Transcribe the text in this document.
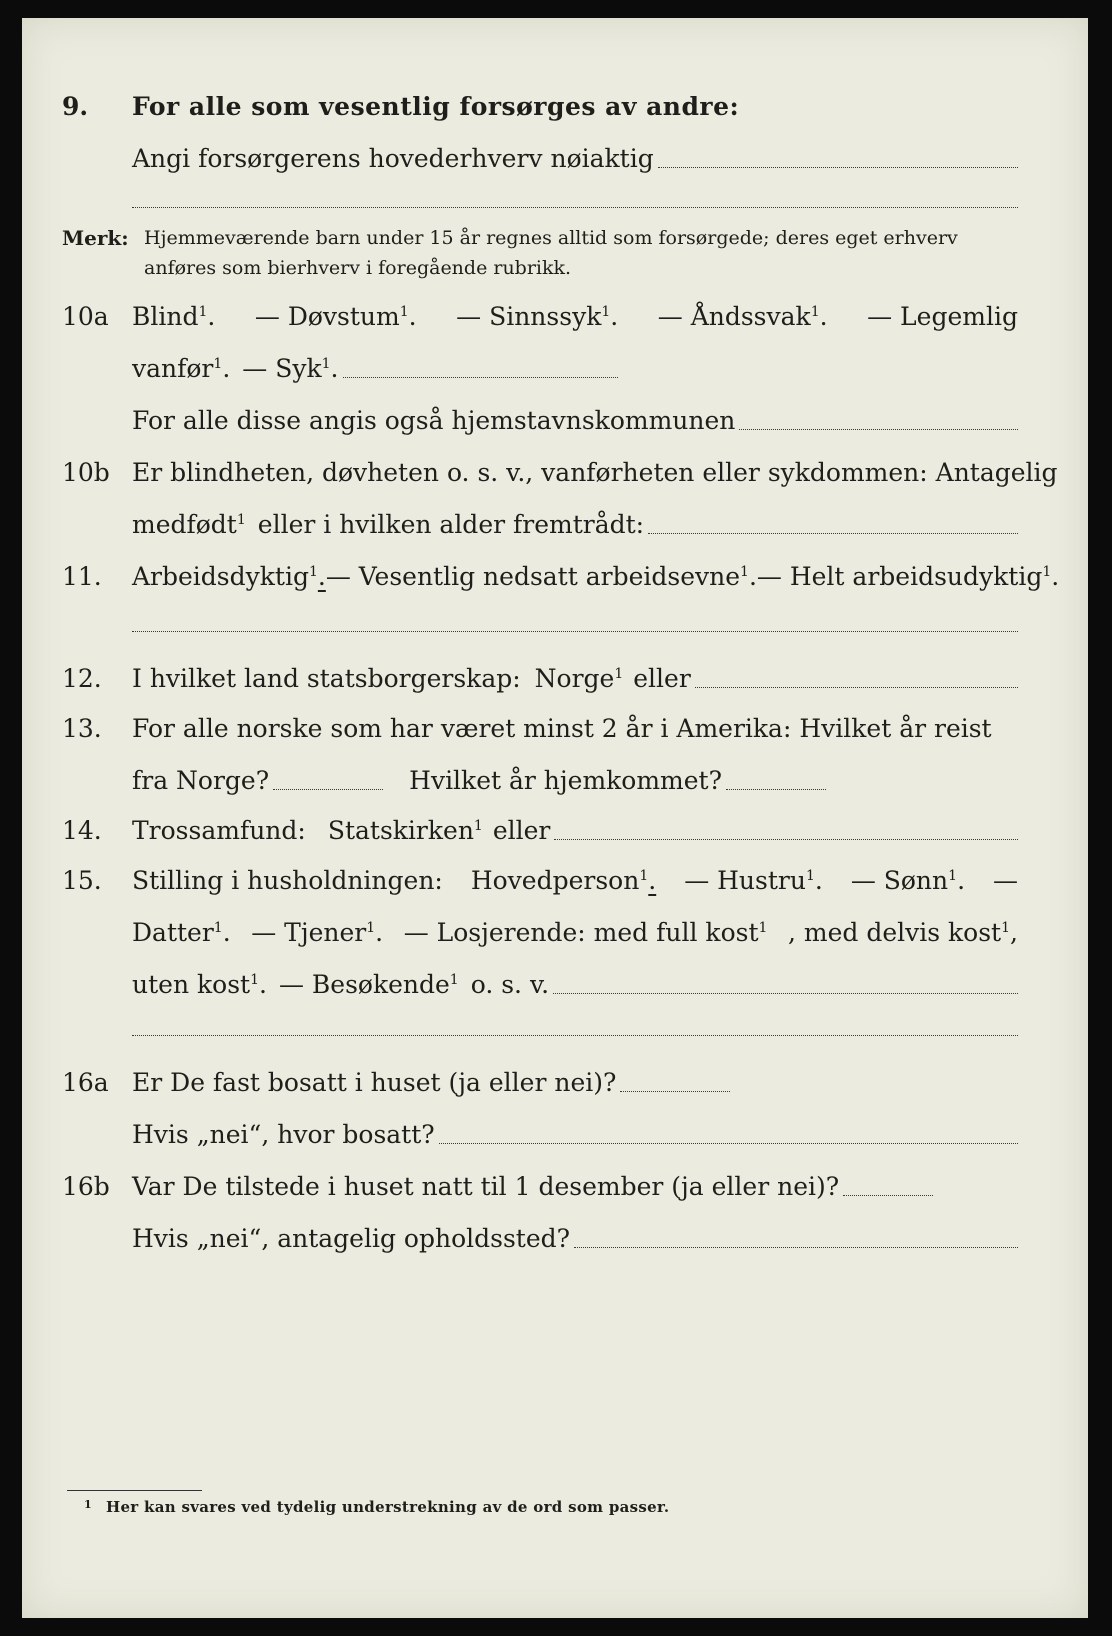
9.	For alle som vesentlig forsørges av andre:
Angi forsørgerens hovederhverv nøiaktig
Merk: Hjemmeværende barn under 15 år regnes alltid som forsørgede; deres eget erhverv anføres som bierhverv i foregående rubrikk.
10a Blind1. — Døvstum1. — Sinnssyk1. — Åndssvak1. — Legemlig
vanfør1. — Syk1.
For alle disse angis også hjemstavnskommunen
10b Er blindheten, døvheten o. s. v., vanførheten eller sykdommen: Antagelig
medfødt1 eller i hvilken alder fremtrådt:
11.	Arbeidsdyktig1. — Vesentlig nedsatt arbeidsevne1. — Helt arbeidsudyktig1.
12.	I hvilket land statsborgerskap: Norge1 eller
13.	For alle norske som har været minst 2 år i Amerika: Hvilket år reist
fra Norge?	Hvilket år hjemkommet?
14.	Trossamfund: Statskirken1 eller
15.	Stilling i husholdningen: Hovedperson1. — Hustru1. — Sønn1. —
Datter1. — Tjener1. — Losjerende: med full kost1 , med delvis kost1,
uten kost1. — Besøkende1 o. s. v.
16a Er De fast bosatt i huset (ja eller nei)?
Hvis „nei“, hvor bosatt?
16b Var De tilstede i huset natt til 1 desember (ja eller nei)?
Hvis „nei“, antagelig opholdssted?
$^1$ Her kan svares ved tydelig understrekning av de ord som passer.
